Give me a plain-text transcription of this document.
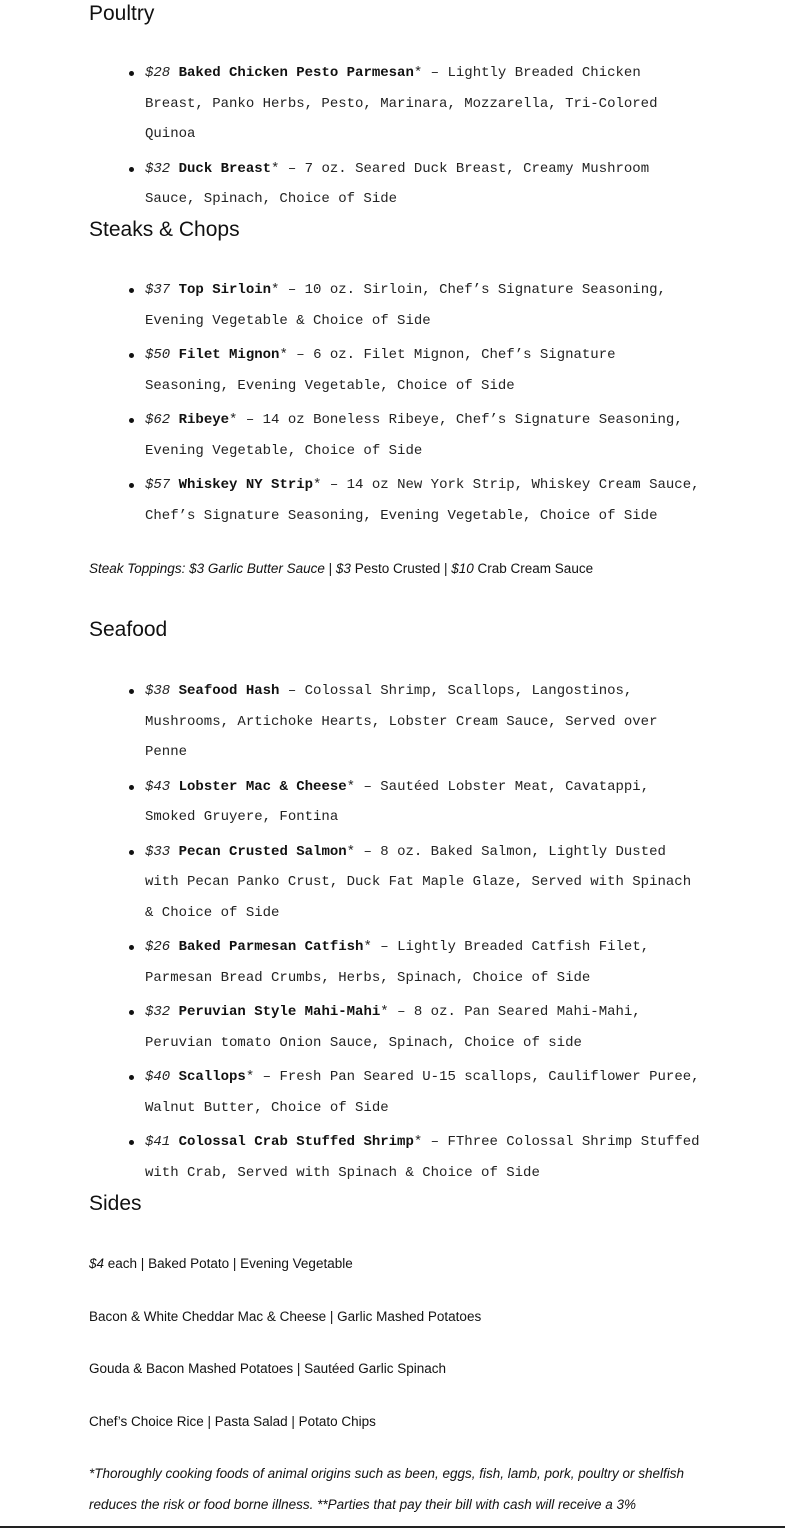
Poultry
$28 Baked Chicken Pesto Parmesan* – Lightly Breaded Chicken Breast, Panko Herbs, Pesto, Marinara, Mozzarella, Tri-Colored Quinoa
$32 Duck Breast* – 7 oz. Seared Duck Breast, Creamy Mushroom Sauce, Spinach, Choice of Side
Steaks & Chops
$37 Top Sirloin* – 10 oz. Sirloin, Chef’s Signature Seasoning, Evening Vegetable & Choice of Side
$50 Filet Mignon* – 6 oz. Filet Mignon, Chef’s Signature Seasoning, Evening Vegetable, Choice of Side
$62 Ribeye* – 14 oz Boneless Ribeye, Chef’s Signature Seasoning, Evening Vegetable, Choice of Side
$57 Whiskey NY Strip* – 14 oz New York Strip, Whiskey Cream Sauce, Chef’s Signature Seasoning, Evening Vegetable, Choice of Side

Steak Toppings: $3 Garlic Butter Sauce | $3 Pesto Crusted | $10 Crab Cream Sauce

Seafood
$38 Seafood Hash – Colossal Shrimp, Scallops, Langostinos, Mushrooms, Artichoke Hearts, Lobster Cream Sauce, Served over Penne
$43 Lobster Mac & Cheese* – Sautéed Lobster Meat, Cavatappi, Smoked Gruyere, Fontina
$33 Pecan Crusted Salmon* – 8 oz. Baked Salmon, Lightly Dusted with Pecan Panko Crust, Duck Fat Maple Glaze, Served with Spinach & Choice of Side
$26 Baked Parmesan Catfish* – Lightly Breaded Catfish Filet, Parmesan Bread Crumbs, Herbs, Spinach, Choice of Side
$32 Peruvian Style Mahi-Mahi* – 8 oz. Pan Seared Mahi-Mahi, Peruvian tomato Onion Sauce, Spinach, Choice of side
$40 Scallops* – Fresh Pan Seared U-15 scallops, Cauliflower Puree, Walnut Butter, Choice of Side
$41 Colossal Crab Stuffed Shrimp* – FThree Colossal Shrimp Stuffed with Crab, Served with Spinach & Choice of Side
Sides

$4 each | Baked Potato | Evening Vegetable

Bacon & White Cheddar Mac & Cheese | Garlic Mashed Potatoes

Gouda & Bacon Mashed Potatoes | Sautéed Garlic Spinach

Chef’s Choice Rice | Pasta Salad | Potato Chips

*Thoroughly cooking foods of animal origins such as been, eggs, fish, lamb, pork, poultry or shelfish reduces the risk or food borne illness. **Parties that pay their bill with cash will receive a 3%
